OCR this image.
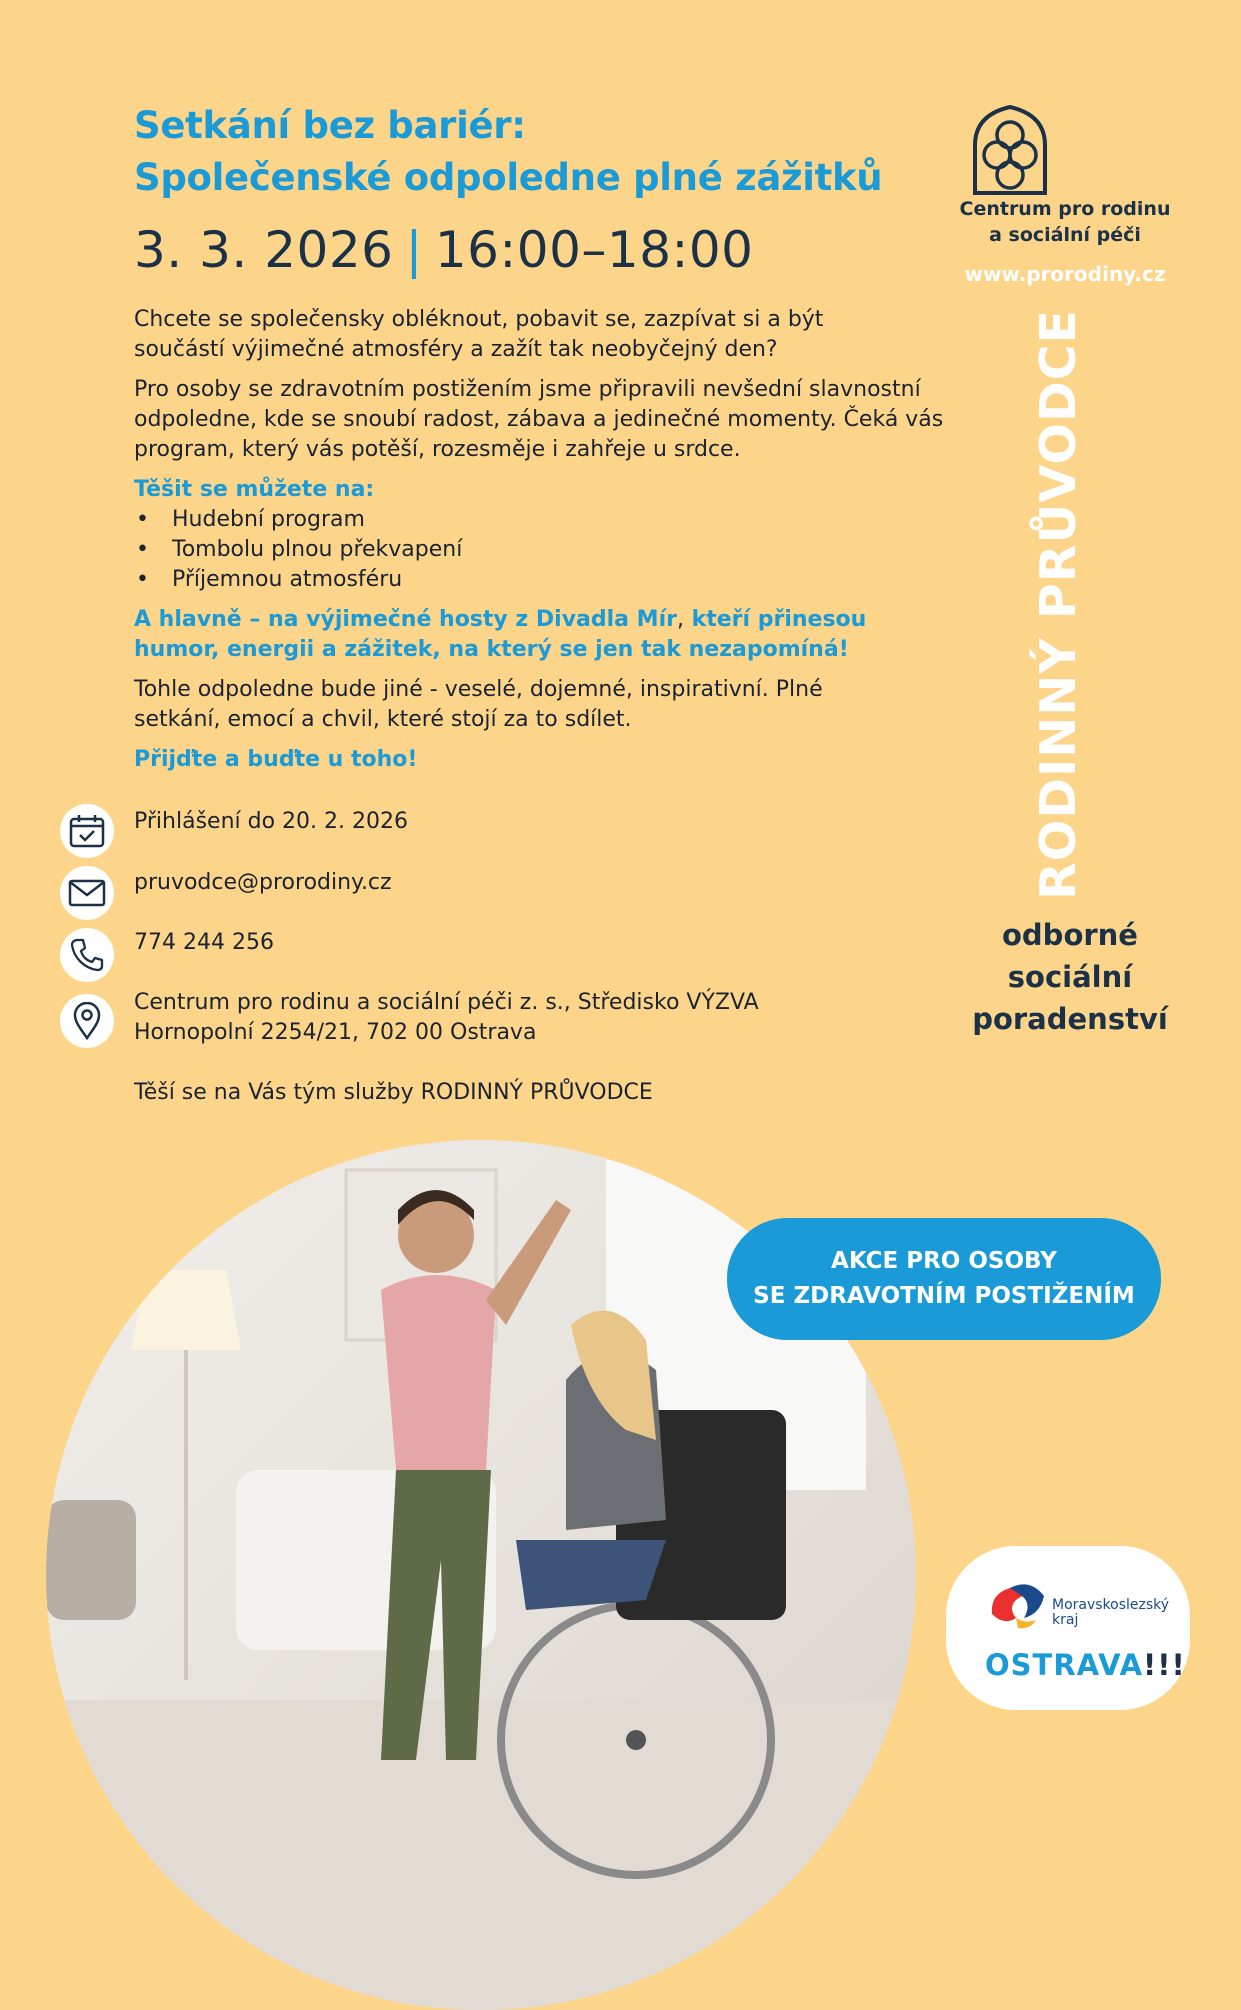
Setkání bez bariér:
Společenské odpoledne plné zážitků
3. 3. 2026 | 16:00–18:00

Chcete se společensky obléknout, pobavit se, zazpívat si a být součástí výjimečné atmosféry a zažít tak neobyčejný den?

Pro osoby se zdravotním postižením jsme připravili nevšední slavnostní odpoledne, kde se snoubí radost, zábava a jedinečné momenty. Čeká vás program, který vás potěší, rozesměje i zahřeje u srdce.

Těšit se můžete na:

• Hudební program
• Tombolu plnou překvapení
• Příjemnou atmosféru

A hlavně – na výjimečné hosty z Divadla Mír, kteří přinesou humor, energii a zážitek, na který se jen tak nezapomíná!

Tohle odpoledne bude jiné - veselé, dojemné, inspirativní. Plné setkání, emocí a chvil, které stojí za to sdílet.

Přijďte a buďte u toho!

Přihlášení do 20. 2. 2026
pruvodce@prorodiny.cz
774 244 256
Centrum pro rodinu a sociální péči z. s., Středisko VÝZVA
Hornopolní 2254/21, 702 00 Ostrava
Těší se na Vás tým služby RODINNÝ PRŮVODCE
Centrum pro rodinu
a sociální péči
www.prorodiny.cz
RODINNÝ PRŮVODCE
odborné
sociální
poradenství
AKCE PRO OSOBY
SE ZDRAVOTNÍM POSTIŽENÍM
Moravskoslezský
kraj
OSTRAVA!!!
